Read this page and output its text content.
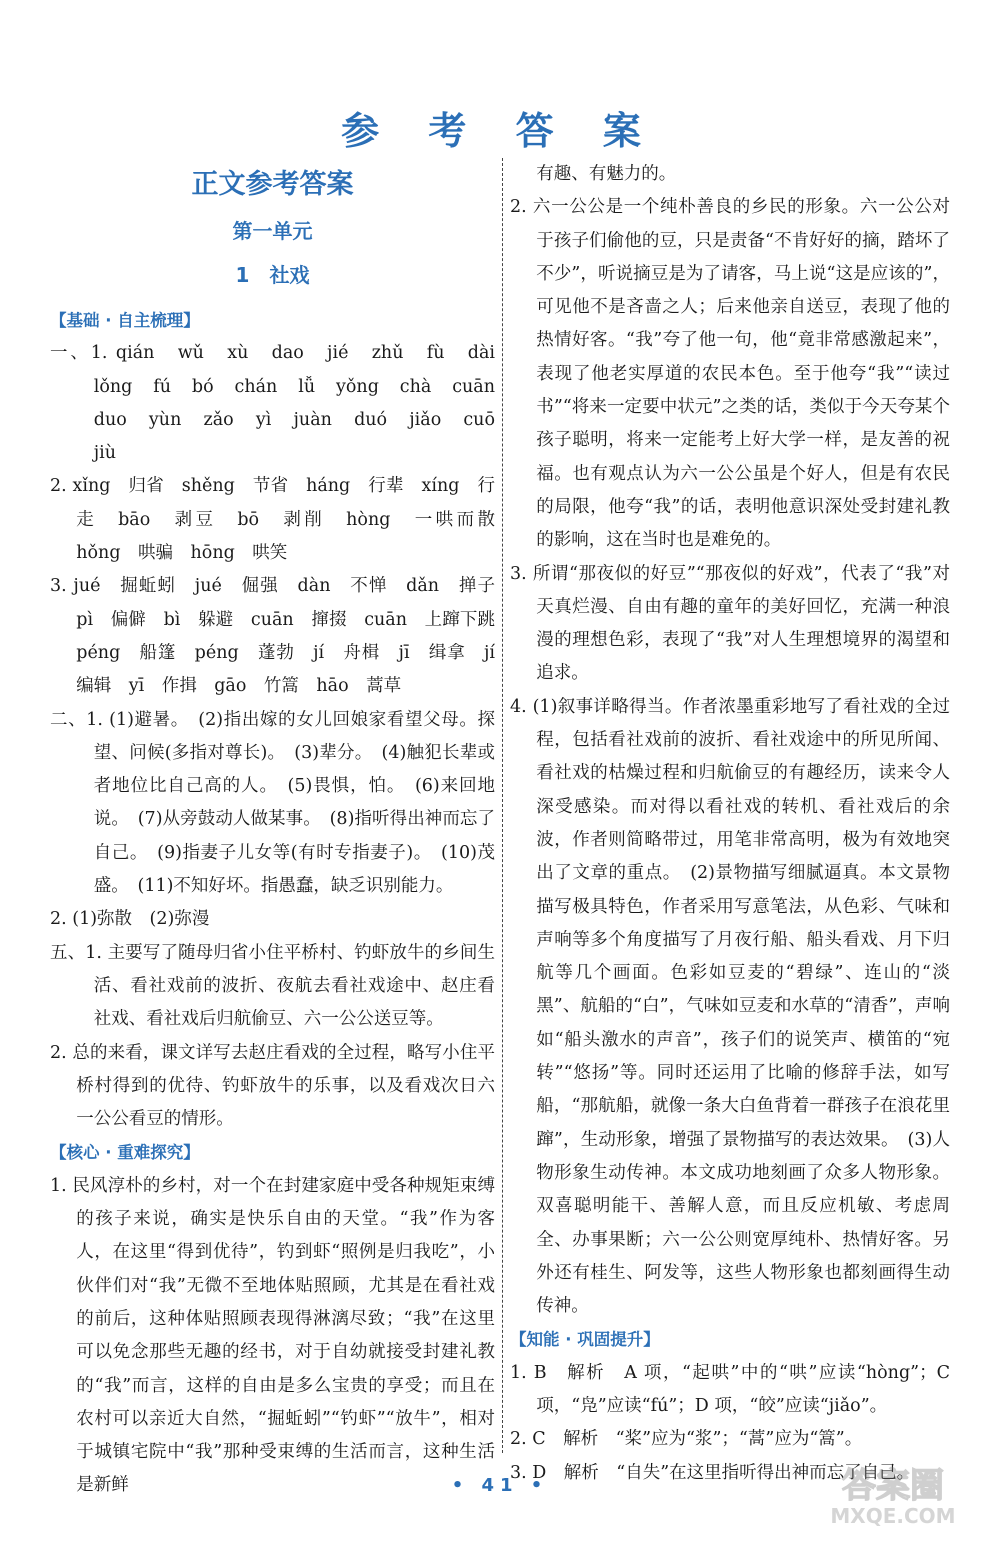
参 考 答 案
正文参考答案
第一单元
1　社戏

【基础 · 自主梳理】

一、1. qián　wǔ　xù　dao　jié　zhǔ　fù　dài　lǒng　fú　bó　chán　lǚ　yǒng　chà　cuān　duo　yùn　zǎo　yì　juàn　duó　jiǎo　cuō　jiù

2. xǐng　归省　shěng　节省　háng　行辈　xíng　行走　bāo　剥豆　bō　剥削　hòng　一哄而散　hǒng　哄骗　hōng　哄笑

3. jué　掘蚯蚓　jué　倔强　dàn　不惮　dǎn　掸子　pì　偏僻　bì　躲避　cuān　撺掇　cuān　上蹿下跳　péng　船篷　péng　蓬勃　jí　舟楫　jī　缉拿　jí　编辑　yī　作揖　gāo　竹篙　hāo　蒿草

二、1. (1)避暑。　(2)指出嫁的女儿回娘家看望父母。探望、问候(多指对尊长)。　(3)辈分。　(4)触犯长辈或者地位比自己高的人。　(5)畏惧，怕。　(6)来回地说。　(7)从旁鼓动人做某事。　(8)指听得出神而忘了自己。　(9)指妻子儿女等(有时专指妻子)。　(10)茂盛。　(11)不知好坏。指愚蠢，缺乏识别能力。

2. (1)弥散　(2)弥漫

五、1. 主要写了随母归省小住平桥村、钓虾放牛的乡间生活、看社戏前的波折、夜航去看社戏途中、赵庄看社戏、看社戏后归航偷豆、六一公公送豆等。

2. 总的来看，课文详写去赵庄看戏的全过程，略写小住平桥村得到的优待、钓虾放牛的乐事，以及看戏次日六一公公看豆的情形。

【核心 · 重难探究】

1. 民风淳朴的乡村，对一个在封建家庭中受各种规矩束缚的孩子来说，确实是快乐自由的天堂。“我”作为客人，在这里“得到优待”，钓到虾“照例是归我吃”，小伙伴们对“我”无微不至地体贴照顾，尤其是在看社戏的前后，这种体贴照顾表现得淋漓尽致；“我”在这里可以免念那些无趣的经书，对于自幼就接受封建礼教的“我”而言，这样的自由是多么宝贵的享受；而且在农村可以亲近大自然，“掘蚯蚓”“钓虾”“放牛”，相对于城镇宅院中“我”那种受束缚的生活而言，这种生活是新鲜

有趣、有魅力的。

2. 六一公公是一个纯朴善良的乡民的形象。六一公公对于孩子们偷他的豆，只是责备“不肯好好的摘，踏坏了不少”，听说摘豆是为了请客，马上说“这是应该的”，可见他不是吝啬之人；后来他亲自送豆，表现了他的热情好客。“我”夸了他一句，他“竟非常感激起来”，表现了他老实厚道的农民本色。至于他夸“我”“读过书”“将来一定要中状元”之类的话，类似于今天夸某个孩子聪明，将来一定能考上好大学一样，是友善的祝福。也有观点认为六一公公虽是个好人，但是有农民的局限，他夸“我”的话，表明他意识深处受封建礼教的影响，这在当时也是难免的。

3. 所谓“那夜似的好豆”“那夜似的好戏”，代表了“我”对天真烂漫、自由有趣的童年的美好回忆，充满一种浪漫的理想色彩，表现了“我”对人生理想境界的渴望和追求。

4. (1)叙事详略得当。作者浓墨重彩地写了看社戏的全过程，包括看社戏前的波折、看社戏途中的所见所闻、看社戏的枯燥过程和归航偷豆的有趣经历，读来令人深受感染。而对得以看社戏的转机、看社戏后的余波，作者则简略带过，用笔非常高明，极为有效地突出了文章的重点。　(2)景物描写细腻逼真。本文景物描写极具特色，作者采用写意笔法，从色彩、气味和声响等多个角度描写了月夜行船、船头看戏、月下归航等几个画面。色彩如豆麦的“碧绿”、连山的“淡黑”、航船的“白”，气味如豆麦和水草的“清香”，声响如“船头激水的声音”，孩子们的说笑声、横笛的“宛转”“悠扬”等。同时还运用了比喻的修辞手法，如写船，“那航船，就像一条大白鱼背着一群孩子在浪花里蹿”，生动形象，增强了景物描写的表达效果。　(3)人物形象生动传神。本文成功地刻画了众多人物形象。双喜聪明能干、善解人意，而且反应机敏、考虑周全、办事果断；六一公公则宽厚纯朴、热情好客。另外还有桂生、阿发等，这些人物形象也都刻画得生动传神。

【知能 · 巩固提升】

1. B　解析　A 项，“起哄”中的“哄”应读“hòng”；C 项，“凫”应读“fú”；D 项，“皎”应读“jiǎo”。

2. C　解析　“桨”应为“浆”；“蒿”应为“篙”。

3. D　解析　“自失”在这里指听得出神而忘了自己。

• 41 •	答案圈
MXQE.COM
